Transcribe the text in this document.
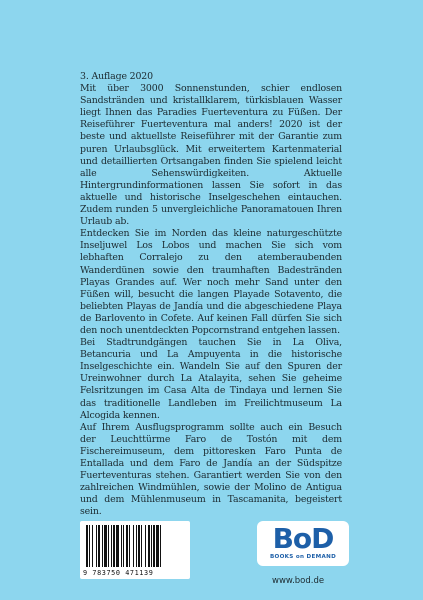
3. Auflage 2020

Mit über 3000 Sonnenstunden, schier endlosen Sandstränden und kristallklarem, türkisblauen Wasser liegt Ihnen das Paradies Fuerteventura zu Füßen. Der Reiseführer Fuerteventura mal anders! 2020 ist der beste und aktuellste Reiseführer mit der Garantie zum puren Urlaubsglück. Mit erweitertem Kartenmaterial und detaillierten Ortsangaben finden Sie spielend leicht alle Sehenswürdigkeiten. Aktuelle Hintergrundinformationen lassen Sie sofort in das aktuelle und historische Inselgeschehen eintauchen. Zudem runden 5 unvergleichliche Panoramatouen Ihren Urlaub ab.

Entdecken Sie im Norden das kleine naturgeschützte Inseljuwel Los Lobos und machen Sie sich vom lebhaften Corralejo zu den atemberaubenden Wanderdünen sowie den traumhaften Badestränden Playas Grandes auf. Wer noch mehr Sand unter den Füßen will, besucht die langen Playade Sotavento, die beliebten Playas de Jandía und die abgeschiedene Playa de Barlovento in Cofete. Auf keinen Fall dürfen Sie sich den noch unentdeckten Popcornstrand entgehen lassen.

Bei Stadtrundgängen tauchen Sie in La Oliva, Betancuria und La Ampuyenta in die historische Inselgeschichte ein. Wandeln Sie auf den Spuren der Ureinwohner durch La Atalayita, sehen Sie geheime Felsritzungen im Casa Alta de Tindaya und lernen Sie das traditionelle Landleben im Freilichtmuseum La Alcogida kennen.

Auf Ihrem Ausflugsprogramm sollte auch ein Besuch der Leuchttürme Faro de Tostón mit dem Fischereimuseum, dem pittoresken Faro Punta de Entallada und dem Faro de Jandía an der Südspitze Fuerteventuras stehen. Garantiert werden Sie von den zahlreichen Windmühlen, sowie der Molino de Antigua und dem Mühlenmuseum in Tascamanita, begeistert sein.

9 783750 471139
BoD
BOOKS on DEMAND
www.bod.de
